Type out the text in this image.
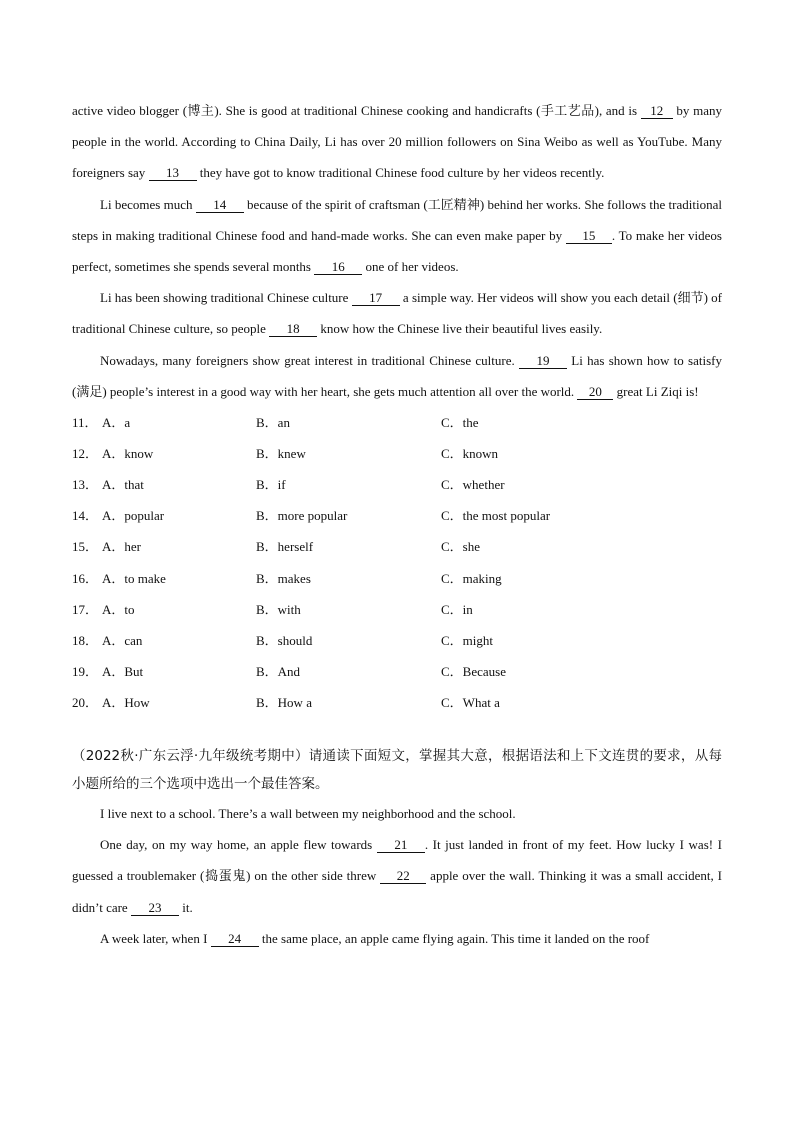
active video blogger (博主). She is good at traditional Chinese cooking and handicrafts (手工艺品), and is 12 by many people in the world. According to China Daily, Li has over 20 million followers on Sina Weibo as well as YouTube. Many foreigners say 13 they have got to know traditional Chinese food culture by her videos recently.

Li becomes much 14 because of the spirit of craftsman (工匠精神) behind her works. She follows the traditional steps in making traditional Chinese food and hand-made works. She can even make paper by 15 . To make her videos perfect, sometimes she spends several months 16 one of her videos.

Li has been showing traditional Chinese culture 17 a simple way. Her videos will show you each detail (细节) of traditional Chinese culture, so people 18 know how the Chinese live their beautiful lives easily.

Nowadays, many foreigners show great interest in traditional Chinese culture. 19 Li has shown how to satisfy (满足) people’s interest in a good way with her heart, she gets much attention all over the world. 20 great Li Ziqi is!

11． A．a	B．an	C．the
12． A．know	B．knew	C．known
13． A．that	B．if	C．whether
14． A．popular	B．more popular	C．the most popular
15． A．her	B．herself	C．she
16． A．to make	B．makes	C．making
17． A．to	B．with	C．in
18． A．can	B．should	C．might
19． A．But	B．And	C．Because
20． A．How	B．How a	C．What a

（2022秋·广东云浮·九年级统考期中）请通读下面短文，掌握其大意，根据语法和上下文连贯的要求，从每小题所给的三个选项中选出一个最佳答案。

I live next to a school. There’s a wall between my neighborhood and the school.

One day, on my way home, an apple flew towards 21 . It just landed in front of my feet. How lucky I was! I guessed a troublemaker (捣蛋鬼) on the other side threw 22 apple over the wall. Thinking it was a small accident, I didn’t care 23 it.

A week later, when I 24 the same place, an apple came flying again. This time it landed on the roof
